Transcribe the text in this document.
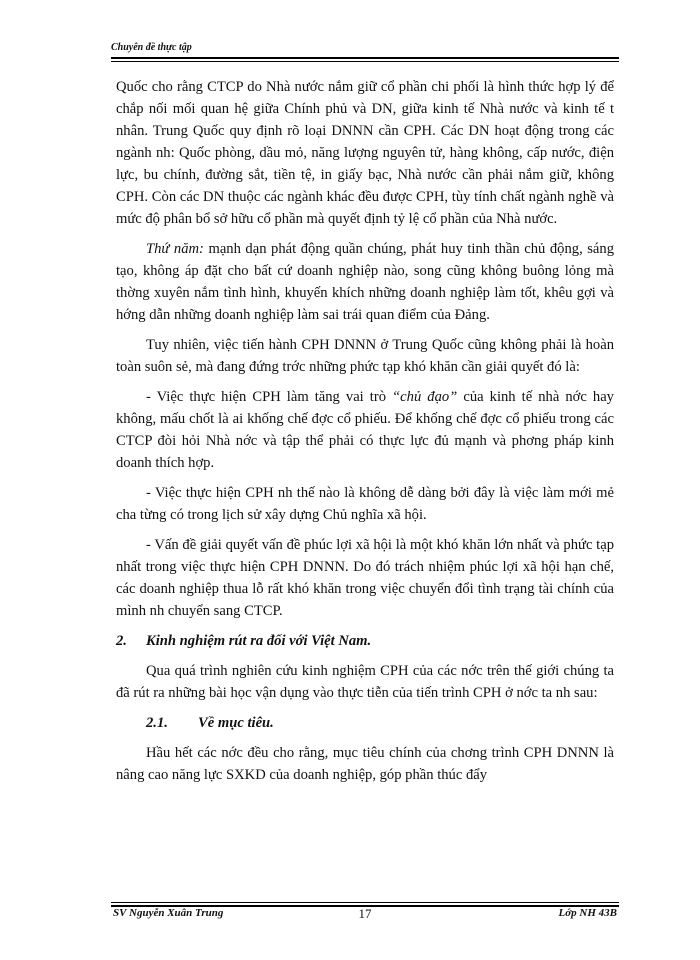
Chuyên đề thực tập

Quốc cho rằng CTCP do Nhà nước nắm giữ cổ phần chi phối là hình thức hợp lý để chắp nối mối quan hệ giữa Chính phủ và DN, giữa kinh tế Nhà nước và kinh tế t nhân. Trung Quốc quy định rõ loại DNNN cần CPH. Các DN hoạt động trong các ngành nh: Quốc phòng, dầu mỏ, năng lượng nguyên tử, hàng không, cấp nước, điện lực, bu chính, đường sắt, tiền tệ, in giấy bạc, Nhà nước cần phải nắm giữ, không CPH. Còn các DN thuộc các ngành khác đều được CPH, tùy tính chất ngành nghề và mức độ phân bổ sở hữu cổ phần mà quyết định tỷ lệ cổ phần của Nhà nước.

Thứ năm: mạnh dạn phát động quần chúng, phát huy tinh thần chủ động, sáng tạo, không áp đặt cho bất cứ doanh nghiệp nào, song cũng không buông lỏng mà thờng xuyên nắm tình hình, khuyến khích những doanh nghiệp làm tốt, khêu gợi và hớng dẫn những doanh nghiệp làm sai trái quan điểm của Đảng.

Tuy nhiên, việc tiến hành CPH DNNN ở Trung Quốc cũng không phải là hoàn toàn suôn sẻ, mà đang đứng trớc những phức tạp khó khăn cần giải quyết đó là:

- Việc thực hiện CPH làm tăng vai trò “chủ đạo” của kinh tế nhà nớc hay không, mấu chốt là ai khống chế đợc cổ phiếu. Để khống chế đợc cổ phiếu trong các CTCP đòi hỏi Nhà nớc và tập thể phải có thực lực đủ mạnh và phơng pháp kinh doanh thích hợp.

- Việc thực hiện CPH nh thế nào là không dễ dàng bởi đây là việc làm mới mẻ cha từng có trong lịch sử xây dựng Chủ nghĩa xã hội.

- Vấn đề giải quyết vấn đề phúc lợi xã hội là một khó khăn lớn nhất và phức tạp nhất trong việc thực hiện CPH DNNN. Do đó trách nhiệm phúc lợi xã hội hạn chế, các doanh nghiệp thua lỗ rất khó khăn trong việc chuyển đổi tình trạng tài chính của mình nh chuyển sang CTCP.

2. Kinh nghiệm rút ra đối với Việt Nam.

Qua quá trình nghiên cứu kinh nghiệm CPH của các nớc trên thế giới chúng ta đã rút ra những bài học vận dụng vào thực tiễn của tiến trình CPH ở nớc ta nh sau:

2.1. Về mục tiêu.

Hầu hết các nớc đều cho rằng, mục tiêu chính của chơng trình CPH DNNN là nâng cao năng lực SXKD của doanh nghiệp, góp phần thúc đẩy

SV Nguyễn Xuân Trung	17	Lớp NH 43B
